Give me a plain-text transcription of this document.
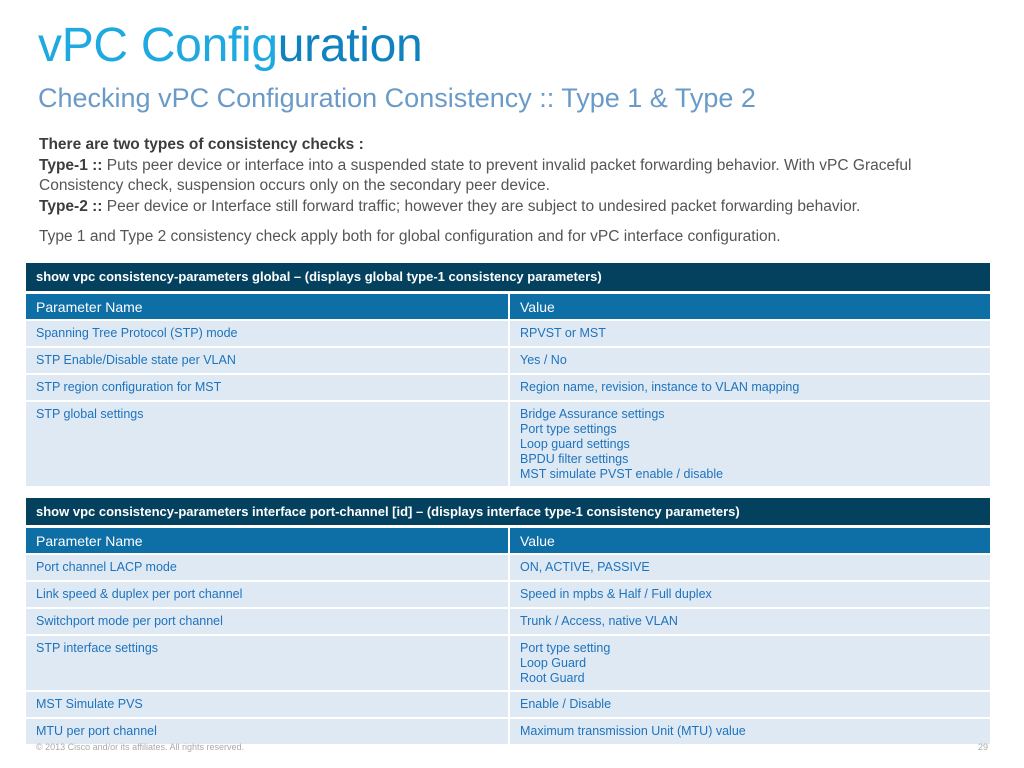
vPC Configuration
Checking vPC Configuration Consistency :: Type 1 & Type 2

There are two types of consistency checks :

Type-1 :: Puts peer device or interface into a suspended state to prevent invalid packet forwarding behavior. With vPC Graceful Consistency check, suspension occurs only on the secondary peer device.

Type-2 :: Peer device or Interface still forward traffic; however they are subject to undesired packet forwarding behavior.

Type 1 and Type 2 consistency check apply both for global configuration and for vPC interface configuration.

show vpc consistency-parameters global – (displays global type-1 consistency parameters)
Parameter Name	Value
Spanning Tree Protocol (STP) mode	RPVST or MST

STP Enable/Disable state per VLAN	Yes / No

STP region configuration for MST	Region name, revision, instance to VLAN mapping

STP global settings	Bridge Assurance settings
Port type settings
Loop guard settings
BPDU filter settings
MST simulate PVST enable / disable
show vpc consistency-parameters interface port-channel [id] – (displays interface type-1 consistency parameters)
Parameter Name	Value
Port channel LACP mode	ON, ACTIVE, PASSIVE

Link speed & duplex per port channel	Speed in mpbs & Half / Full duplex

Switchport mode per port channel	Trunk / Access, native VLAN

STP interface settings	Port type setting
Loop Guard
Root Guard

MST Simulate PVS	Enable / Disable

MTU per port channel	Maximum transmission Unit (MTU) value
© 2013 Cisco and/or its affiliates. All rights reserved.	29
